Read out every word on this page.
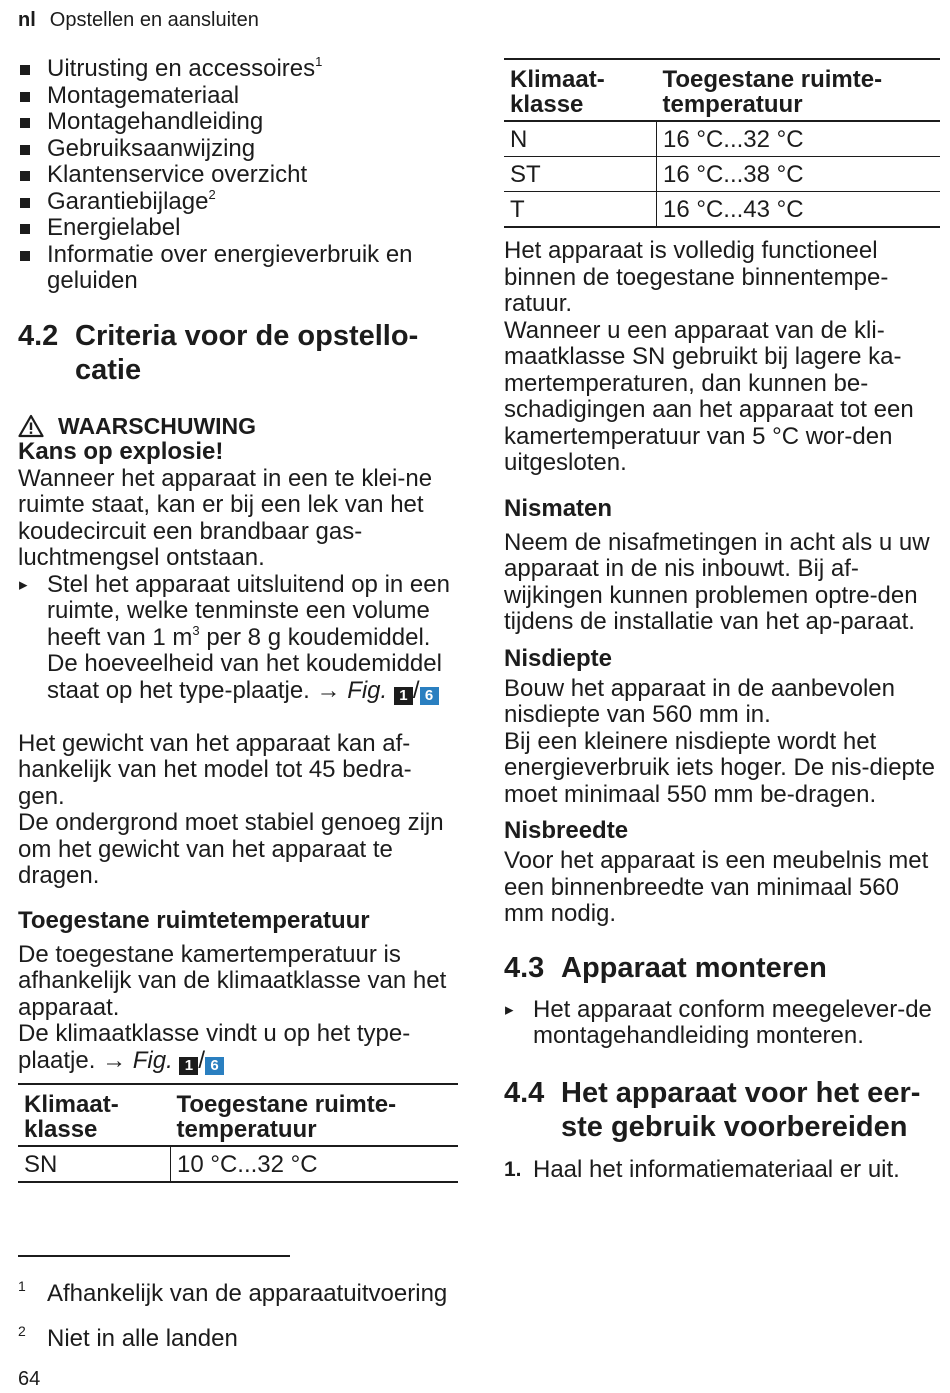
nl Opstellen en aansluiten
Uitrusting en accessoires$^1$
Montagemateriaal
Montagehandleiding
Gebruiksaanwijzing
Klantenservice overzicht
Garantiebijlage$^2$
Energielabel
Informatie over energieverbruik en geluiden
4.2 Criteria voor de opstello-
catie
WAARSCHUWING

Kans op explosie!

Wanneer het apparaat in een te klei-ne ruimte staat, kan er bij een lek van het koudecircuit een brandbaar gas-luchtmengsel ontstaan.

▸ Stel het apparaat uitsluitend op in een ruimte, welke tenminste een volume heeft van 1 $m^3$ per 8 g koudemiddel. De hoeveelheid van het koudemiddel staat op het type-plaatje. → Fig. 1 / 6

Het gewicht van het apparaat kan af-hankelijk van het model tot 45 bedra-gen.

De ondergrond moet stabiel genoeg zijn om het gewicht van het apparaat te dragen.

Toegestane ruimtetemperatuur

De toegestane kamertemperatuur is afhankelijk van de klimaatklasse van het apparaat.

De klimaatklasse vindt u op het type-plaatje. → Fig. 1 / 6

Klimaat-
klasse	Toegestane ruimte-
temperatuur
SN	10 °C...32 °C
Klimaat-
klasse	Toegestane ruimte-
temperatuur
N	16 °C...32 °C
ST	16 °C...38 °C
T	16 °C...43 °C

Het apparaat is volledig functioneel binnen de toegestane binnentempe-ratuur.

Wanneer u een apparaat van de kli-maatklasse SN gebruikt bij lagere ka-mertemperaturen, dan kunnen be-schadigingen aan het apparaat tot een kamertemperatuur van 5 °C wor-den uitgesloten.

Nismaten

Neem de nisafmetingen in acht als u uw apparaat in de nis inbouwt. Bij af-wijkingen kunnen problemen optre-den tijdens de installatie van het ap-paraat.

Nisdiepte

Bouw het apparaat in de aanbevolen nisdiepte van 560 mm in.

Bij een kleinere nisdiepte wordt het energieverbruik iets hoger. De nis-diepte moet minimaal 550 mm be-dragen.

Nisbreedte

Voor het apparaat is een meubelnis met een binnenbreedte van minimaal 560 mm nodig.

4.3 Apparaat monteren
▸ Het apparaat conform meegelever-de montagehandleiding monteren.
4.4 Het apparaat voor het eer-
ste gebruik voorbereiden
1. Haal het informatiemateriaal er uit.
1 Afhankelijk van de apparaatuitvoering
2 Niet in alle landen
64
